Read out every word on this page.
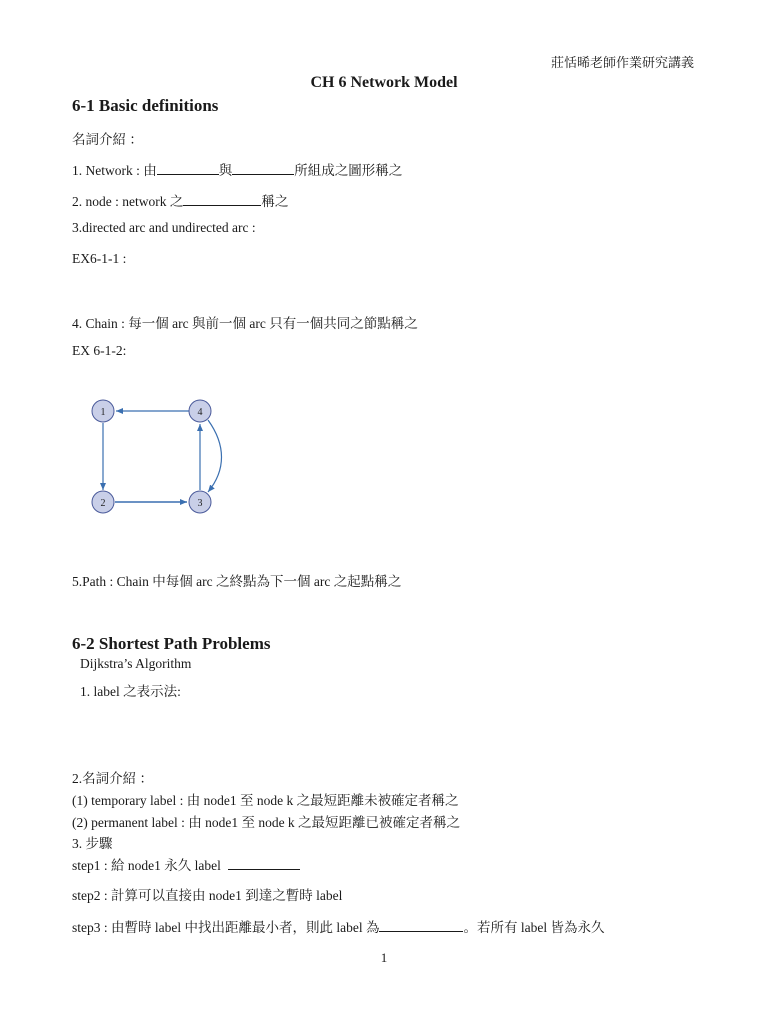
莊恬晞老師作業研究講義
CH 6 Network Model
6-1 Basic definitions
名詞介紹 ：
1. Network : 由	與	所組成之圖形稱之
2. node : network 之	稱之
3.directed arc and undirected arc :
EX6-1-1 :
4. Chain : 每一個 arc 與前一個 arc 只有一個共同之節點稱之
EX 6-1-2:
1
2	3
4
5.Path : Chain 中每個 arc 之終點為下一個 arc 之起點稱之
6-2 Shortest Path Problems
Dijkstra’s Algorithm
1. label 之表示法:
2.名詞介紹 ：
(1) temporary label : 由 node1 至 node k 之最短距離未被確定者稱之
(2) permanent label : 由 node1 至 node k 之最短距離已被確定者稱之
3. 步驟
step1 : 給 node1 永久 label
step2 : 計算可以直接由 node1 到達之暫時 label
step3 : 由暫時 label 中找出距離最小者，則此 label 為	。若所有 label 皆為永久
1
